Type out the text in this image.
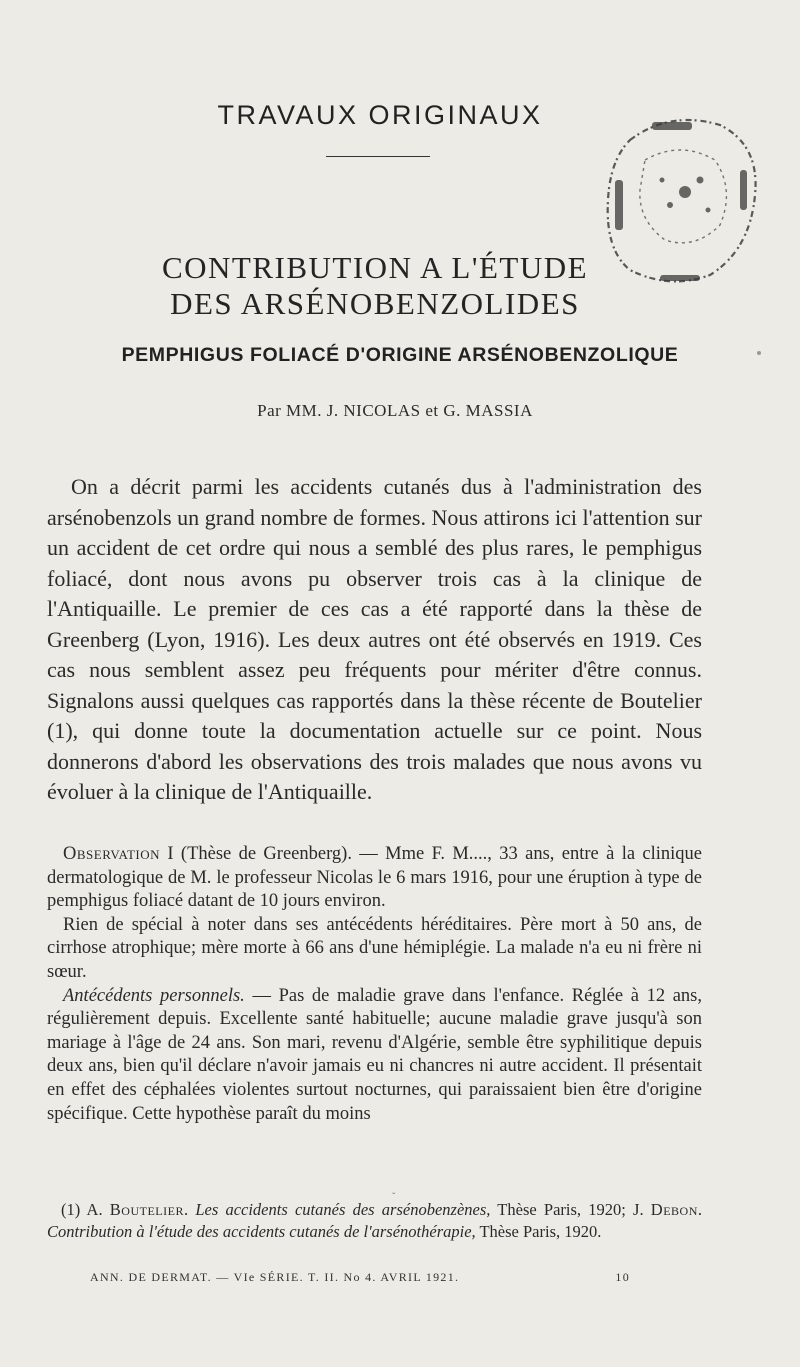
TRAVAUX ORIGINAUX
CONTRIBUTION A L'ÉTUDE
DES ARSÉNOBENZOLIDES
PEMPHIGUS FOLIACÉ D'ORIGINE ARSÉNOBENZOLIQUE
Par MM. J. NICOLAS et G. MASSIA

On a décrit parmi les accidents cutanés dus à l'administration des arsénobenzols un grand nombre de formes. Nous attirons ici l'attention sur un accident de cet ordre qui nous a semblé des plus rares, le pemphigus foliacé, dont nous avons pu observer trois cas à la clinique de l'Antiquaille. Le premier de ces cas a été rapporté dans la thèse de Greenberg (Lyon, 1916). Les deux autres ont été observés en 1919. Ces cas nous semblent assez peu fréquents pour mériter d'être connus. Signalons aussi quelques cas rapportés dans la thèse récente de Boutelier (1), qui donne toute la documentation actuelle sur ce point. Nous donnerons d'abord les observations des trois malades que nous avons vu évoluer à la clinique de l'Antiquaille.

Observation I (Thèse de Greenberg). — Mme F. M...., 33 ans, entre à la clinique dermatologique de M. le professeur Nicolas le 6 mars 1916, pour une éruption à type de pemphigus foliacé datant de 10 jours environ.

Rien de spécial à noter dans ses antécédents héréditaires. Père mort à 50 ans, de cirrhose atrophique; mère morte à 66 ans d'une hémiplégie. La malade n'a eu ni frère ni sœur.

Antécédents personnels. — Pas de maladie grave dans l'enfance. Réglée à 12 ans, régulièrement depuis. Excellente santé habituelle; aucune maladie grave jusqu'à son mariage à l'âge de 24 ans. Son mari, revenu d'Algérie, semble être syphilitique depuis deux ans, bien qu'il déclare n'avoir jamais eu ni chancres ni autre accident. Il présentait en effet des céphalées violentes surtout nocturnes, qui paraissaient bien être d'origine spécifique. Cette hypothèse paraît du moins

ˇ

(1) A. Boutelier. Les accidents cutanés des arsénobenzènes, Thèse Paris, 1920; J. Debon. Contribution à l'étude des accidents cutanés de l'arsénothérapie, Thèse Paris, 1920.

ANN. DE DERMAT. — VIe SÉRIE. T. II. No 4. AVRIL 1921.	10
